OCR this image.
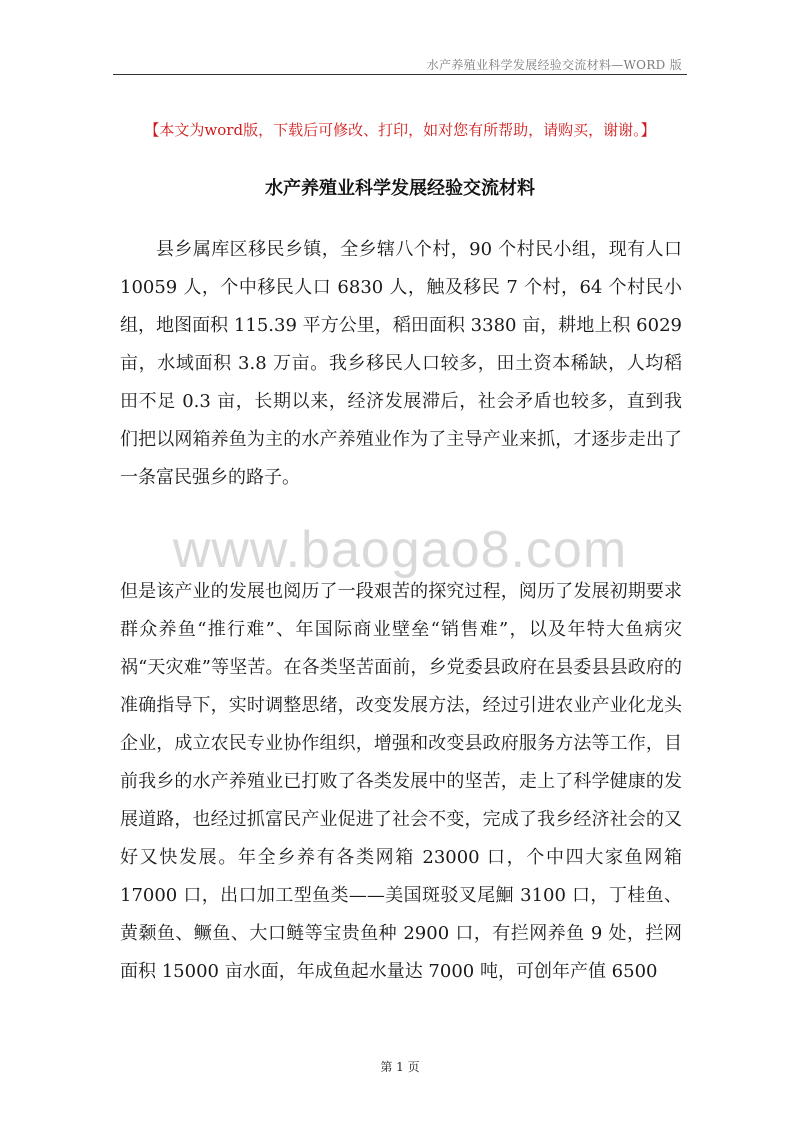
水产养殖业科学发展经验交流材料—WORD 版
【本文为word版，下载后可修改、打印，如对您有所帮助，请购买，谢谢。】
水产养殖业科学发展经验交流材料
县乡属库区移民乡镇，全乡辖八个村，90 个村民小组，现有人口 10059 人，个中移民人口 6830 人，触及移民 7 个村，64 个村民小组，地图面积 115.39 平方公里，稻田面积 3380 亩，耕地上积 6029 亩，水域面积 3.8 万亩。我乡移民人口较多，田土资本稀缺，人均稻田不足 0.3 亩，长期以来，经济发展滞后，社会矛盾也较多，直到我们把以网箱养鱼为主的水产养殖业作为了主导产业来抓，才逐步走出了一条富民强乡的路子。
www.baogao8.com
但是该产业的发展也阅历了一段艰苦的探究过程，阅历了发展初期要求群众养鱼“推行难”、年国际商业壁垒“销售难”，以及年特大鱼病灾祸“天灾难”等坚苦。在各类坚苦面前，乡党委县政府在县委县县政府的准确指导下，实时调整思绪，改变发展方法，经过引进农业产业化龙头企业，成立农民专业协作组织，增强和改变县政府服务方法等工作，目前我乡的水产养殖业已打败了各类发展中的坚苦，走上了科学健康的发展道路，也经过抓富民产业促进了社会不变，完成了我乡经济社会的又好又快发展。年全乡养有各类网箱 23000 口，个中四大家鱼网箱 17000 口，出口加工型鱼类——美国斑驳叉尾鮰 3100 口，丁桂鱼、黄颡鱼、鳜鱼、大口鲢等宝贵鱼种 2900 口，有拦网养鱼 9 处，拦网面积 15000 亩水面，年成鱼起水量达 7000 吨，可创年产值 6500
第 1 页
